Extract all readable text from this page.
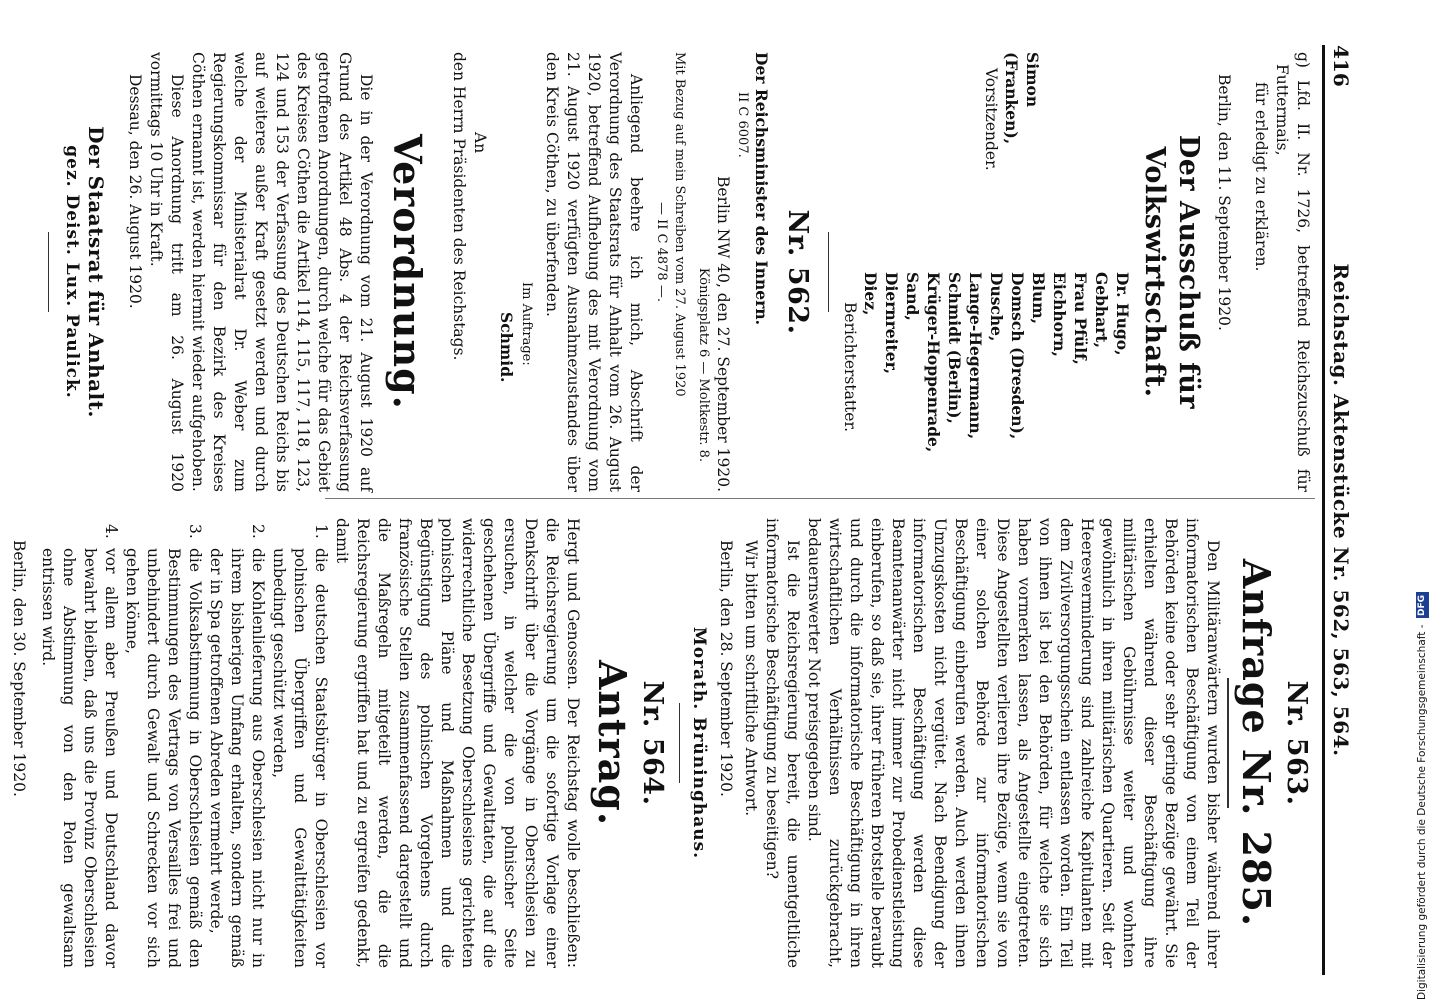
416
Reichstag. Aktenstücke Nr. 562, 563, 564.

g) Lfd. II. Nr. 1726, betreffend Reichszuschuß für Futtermais,

für erledigt zu erklären.

Berlin, den 11. September 1920.

Der Ausschuß für Volkswirtschaft.

Simon (Franken),
Vorsitzender.
Dr. Hugo,
Gebhart,
Frau Pfülf,
Eichhorn,
Blum,
Domsch (Dresden),
Dusche,
Lange-Hegermann,
Schmidt (Berlin),
Krüger-Hoppenrade,
Sand,
Diernreiter,
Diez,
Berichterstatter.

Nr. 562.

Der Reichsminister des Innern.

II C 6007.

Berlin NW 40, den 27. September 1920.

Königsplatz 6 — Moltkestr. 8.

Mit Bezug auf mein Schreiben vom 27. August 1920

— II C 4878 —.

Anliegend beehre ich mich, Abschrift der Verordnung des Staatsrats für Anhalt vom 26. August 1920, betreffend Aufhebung des mit Verordnung vom 21. August 1920 verfügten Ausnahmezustandes über den Kreis Cöthen, zu überfenden.

Im Auftrage:

Schmid.

An

den Herrn Präsidenten des Reichstags.

Verordnung.

Die in der Verordnung vom 21. August 1920 auf Grund des Artikel 48 Abs. 4 der Reichsverfassung getroffenen Anordnungen, durch welche für das Gebiet des Kreises Cöthen die Artikel 114, 115, 117, 118, 123, 124 und 153 der Verfassung des Deutschen Reichs bis auf weiteres außer Kraft gesetzt werden und durch welche der Ministerialrat Dr. Weber zum Regierungskommissar für den Bezirk des Kreises Cöthen ernannt ist, werden hiermit wieder aufgehoben.

Diese Anordnung tritt am 26. August 1920 vormittags 10 Uhr in Kraft.

Dessau, den 26. August 1920.

Der Staatsrat für Anhalt.

gez. Deist. Lux. Paulick.

Nr. 563.

Anfrage Nr. 285.

Den Militäranwärtern wurden bisher während ihrer informatorischen Beschäftigung von einem Teil der Behörden keine oder sehr geringe Bezüge gewährt. Sie erhielten während dieser Beschäftigung ihre militärischen Gebührnisse weiter und wohnten gewöhnlich in ihren militärischen Quartieren. Seit der Heeresverminderung sind zahlreiche Kapitulanten mit dem Zivilversorgungsschein entlassen worden. Ein Teil von ihnen ist bei den Behörden, für welche sie sich haben vormerken lassen, als Angestellte eingetreten. Diese Angestellten verlieren ihre Bezüge, wenn sie von einer solchen Behörde zur informatorischen Beschäftigung einberufen werden. Auch werden ihnen Umzugskosten nicht vergütet. Nach Beendigung der informatorischen Beschäftigung werden diese Beamtenanwärter nicht immer zur Probedienstleistung einberufen, so daß sie, ihrer früheren Brotstelle beraubt und durch die informatorische Beschäftigung in ihren wirtschaftlichen Verhältnissen zurückgebracht, bedauernswerter Not preisgegeben sind.

Ist die Reichsregierung bereit, die unentgeltliche informatorische Beschäftigung zu beseitigen?

Wir bitten um schriftliche Antwort.

Berlin, den 28. September 1920.

Morath. Brüninghaus.

Nr. 564.

Antrag.

Hergt und Genossen. Der Reichstag wolle beschließen: die Reichsregierung um die sofortige Vorlage einer Denkschrift über die Vorgänge in Oberschlesien zu ersuchen, in welcher die von polnischer Seite geschehenen Übergriffe und Gewalttaten, die auf die widerrechtliche Besetzung Oberschlesiens gerichteten polnischen Pläne und Maßnahmen und die Begünstigung des polnischen Vorgehens durch französische Stellen zusammenfassend dargestellt und die Maßregeln mitgeteilt werden, die die Reichsregierung ergriffen hat und zu ergreifen gedenkt, damit

1.
die deutschen Staatsbürger in Oberschlesien vor polnischen Übergriffen und Gewalttätigkeiten unbedingt geschützt werden,
2.
die Kohlenlieferung aus Oberschlesien nicht nur in ihrem bisherigen Umfang erhalten, sondern gemäß der in Spa getroffenen Abreden vermehrt werde,
3.
die Volksabstimmung in Oberschlesien gemäß den Bestimmungen des Vertrags von Versailles frei und unbehindert durch Gewalt und Schrecken vor sich gehen könne,
4.
vor allem aber Preußen und Deutschland davor bewahrt bleiben, daß uns die Provinz Oberschlesien ohne Abstimmung von den Polen gewaltsam entrissen wird.

Berlin, den 30. September 1920.	Digitalisierung gefördert durch die Deutsche Forschungsgemeinschaft -
DFG
